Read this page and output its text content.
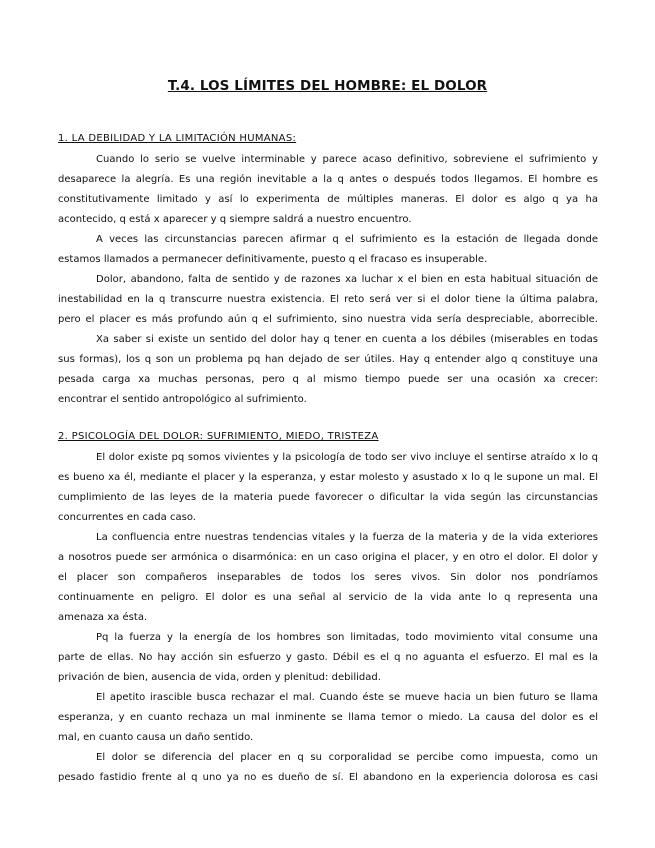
T.4. LOS LÍMITES DEL HOMBRE: EL DOLOR
1. LA DEBILIDAD Y LA LIMITACIÓN HUMANAS:
Cuando lo serio se vuelve interminable y parece acaso definitivo, sobreviene el sufrimiento y
desaparece la alegría. Es una región inevitable a la q antes o después todos llegamos. El hombre es
constitutivamente limitado y así lo experimenta de múltiples maneras. El dolor es algo q ya ha
acontecido, q está x aparecer y q siempre saldrá a nuestro encuentro.
A veces las circunstancias parecen afirmar q el sufrimiento es la estación de llegada donde
estamos llamados a permanecer definitivamente, puesto q el fracaso es insuperable.
Dolor, abandono, falta de sentido y de razones xa luchar x el bien en esta habitual situación de
inestabilidad en la q transcurre nuestra existencia. El reto será ver si el dolor tiene la última palabra,
pero el placer es más profundo aún q el sufrimiento, sino nuestra vida sería despreciable, aborrecible.
Xa saber si existe un sentido del dolor hay q tener en cuenta a los débiles (miserables en todas
sus formas), los q son un problema pq han dejado de ser útiles. Hay q entender algo q constituye una
pesada carga xa muchas personas, pero q al mismo tiempo puede ser una ocasión xa crecer:
encontrar el sentido antropológico al sufrimiento.
2. PSICOLOGÍA DEL DOLOR: SUFRIMIENTO, MIEDO, TRISTEZA
El dolor existe pq somos vivientes y la psicología de todo ser vivo incluye el sentirse atraído x lo q
es bueno xa él, mediante el placer y la esperanza, y estar molesto y asustado x lo q le supone un mal. El
cumplimiento de las leyes de la materia puede favorecer o dificultar la vida según las circunstancias
concurrentes en cada caso.
La confluencia entre nuestras tendencias vitales y la fuerza de la materia y de la vida exteriores
a nosotros puede ser armónica o disarmónica: en un caso origina el placer, y en otro el dolor. El dolor y
el placer son compañeros inseparables de todos los seres vivos. Sin dolor nos pondríamos
continuamente en peligro. El dolor es una señal al servicio de la vida ante lo q representa una
amenaza xa ésta.
Pq la fuerza y la energía de los hombres son limitadas, todo movimiento vital consume una
parte de ellas. No hay acción sin esfuerzo y gasto. Débil es el q no aguanta el esfuerzo. El mal es la
privación de bien, ausencia de vida, orden y plenitud: debilidad.
El apetito irascible busca rechazar el mal. Cuando éste se mueve hacia un bien futuro se llama
esperanza, y en cuanto rechaza un mal inminente se llama temor o miedo. La causa del dolor es el
mal, en cuanto causa un daño sentido.
El dolor se diferencia del placer en q su corporalidad se percibe como impuesta, como un
pesado fastidio frente al q uno ya no es dueño de sí. El abandono en la experiencia dolorosa es casi
